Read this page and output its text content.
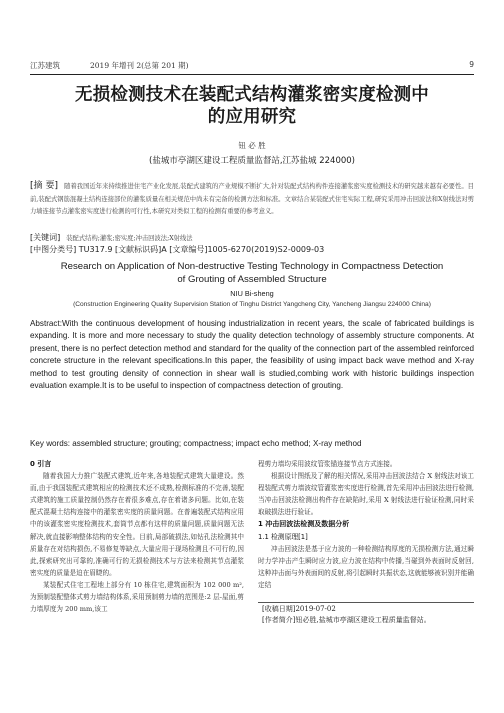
江苏建筑	2019 年增刊 2(总第 201 期)	9
无损检测技术在装配式结构灌浆密实度检测中
的应用研究
钮 必 胜
(盐城市亭湖区建设工程质量监督站,江苏盐城 224000)
[摘 要] 随着我国近年来持续推进住宅产业化发展,装配式建筑的产业规模不断扩大,针对装配式结构构件连接灌浆密实度检测技术的研究越来越有必要性。目前,装配式钢筋混凝土结构连接部位的灌浆质量在相关规范中尚未有完备的检测方法和标准。文章结合某装配式住宅实际工程,研究采用冲击回波法和X射线法对剪力墙连接节点灌浆密实度进行检测的可行性,本研究对类似工程的检测有重要的参考意义。
[关键词] 装配式结构;灌浆;密实度;冲击回波法;X射线法
[中图分类号] TU317.9 [文献标识码]A [文章编号]1005-6270(2019)S2-0009-03
Research on Application of Non-destructive Testing Technology in Compactness Detection
of Grouting of Assembled Structure
NIU Bi-sheng
(Construction Engineering Quality Supervision Station of Tinghu District Yangcheng City, Yancheng Jiangsu 224000 China)
Abstract:With the continuous development of housing industrialization in recent years, the scale of fabricated buildings is expanding. It is more and more necessary to study the quality detection technology of assembly structure components. At present, there is no perfect detection method and standard for the quality of the connection part of the assembled reinforced concrete structure in the relevant specifications.In this paper, the feasibility of using impact back wave method and X-ray method to test grouting density of connection in shear wall is studied,combing work with historic buildings inspection evaluation example.It is to be useful to inspection of compactness detection of grouting.
Key words: assembled structure; grouting; compactness; impact echo method; X-ray method
0 引言
随着我国大力推广装配式建筑,近年来,各地装配式建筑大量建设。然而,由于我国装配式建筑相应的检测技术还不成熟,检测标准的不完善,装配式建筑的施工质量控制仍然存在着很多难点,存在着诸多问题。比如,在装配式混凝土结构连接中的灌浆密实度的质量问题。在普遍装配式结构应用中的该灌浆密实度检测技术,套筒节点都有这样的质量问题,质量问题无法解决,就直接影响整体结构的安全性。目前,局部破损法,如钻孔法检测其中质量存在对结构损伤,不易修复等缺点,大量应用于现场检测且不可行的,因此,探索研究出可靠的,准确可行的无损检测技术与方法来检测其节点灌浆密实度的质量是迫在眉睫的。
某装配式住宅工程地上部分有 10 栋住宅,建筑面积为 102 000 m²,为预制装配整体式剪力墙结构体系,采用预制剪力墙的范围是:2 层-屋面,剪力墙厚度为 200 mm,该工
程剪力墙均采用波纹管浆锚连接节点方式连接。
根据设计图纸及了解的相关情况,采用冲击回波法结合 X 射线法对该工程装配式剪力墙波纹管灌浆密实度进行检测,首先采用冲击回波法进行检测,当冲击回波法检测出构件存在缺陷时,采用 X 射线法进行验证检测,同时采取破损法进行验证。
1 冲击回波法检测及数据分析
1.1 检测原理[1]
冲击回波法是基于应力波的一种检测结构厚度的无损检测方法,通过瞬时力学冲击产生瞬时应力波,应力波在结构中传播,当碰到外表面时反射回,这种冲击面与外表面间的反射,将引起瞬时共振状态,这就能够被识别并能确定结
[收稿日期]2019-07-02
[作者简介]钮必胜,盐城市亭湖区建设工程质量监督站。
